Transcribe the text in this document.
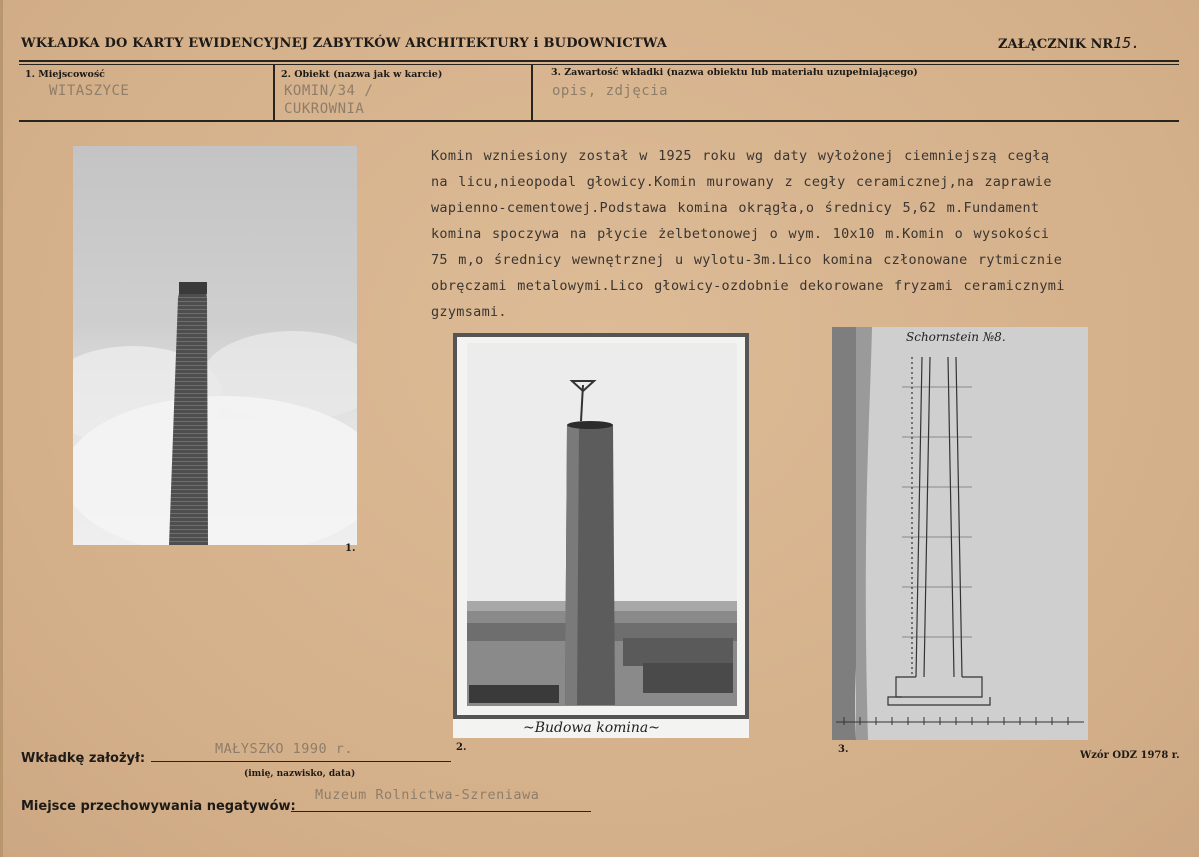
WKŁADKA DO KARTY EWIDENCYJNEJ ZABYTKÓW ARCHITEKTURY i BUDOWNICTWA	ZAŁĄCZNIK NR15.
1. Miejscowość
WITASZYCE
2. Obiekt (nazwa jak w karcie)
KOMIN/34 /
CUKROWNIA
3. Zawartość wkładki (nazwa obiektu lub materiału uzupełniającego)
opis, zdjęcia
Komin wzniesiony został w 1925 roku wg daty wyłożonej ciemniejszą cegłą
na licu,nieopodal głowicy.Komin murowany z cegły ceramicznej,na zaprawie
wapienno-cementowej.Podstawa komina okrągła,o średnicy 5,62 m.Fundament
komina spoczywa na płycie żelbetonowej o wym. 10x10 m.Komin o wysokości
75 m,o średnicy wewnętrznej u wylotu-3m.Lico komina członowane rytmicznie
obręczami metalowymi.Lico głowicy-ozdobnie dekorowane fryzami ceramicznymi
gzymsami.
1.
~Budowa komina~
2.
Schornstein №8.
3.
Wkładkę założył:
MAŁYSZKO 1990 r.
(imię, nazwisko, data)
Wzór ODZ 1978 r.
Miejsce przechowywania negatywów:
Muzeum Rolnictwa-Szreniawa
